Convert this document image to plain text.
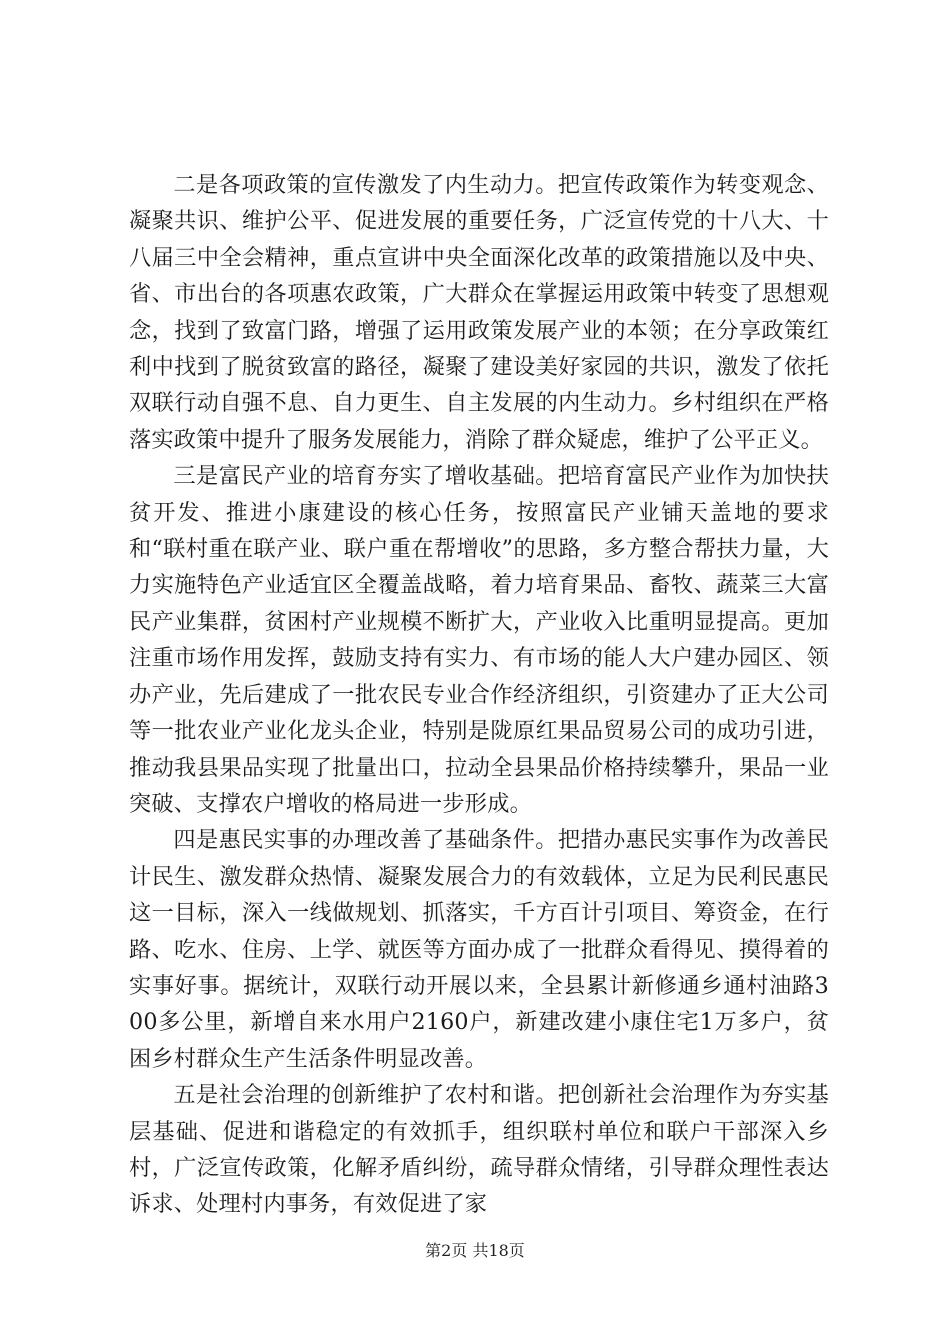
二是各项政策的宣传激发了内生动力。把宣传政策作为转变观念、凝聚共识、维护公平、促进发展的重要任务，广泛宣传党的十八大、十八届三中全会精神，重点宣讲中央全面深化改革的政策措施以及中央、省、市出台的各项惠农政策，广大群众在掌握运用政策中转变了思想观念，找到了致富门路，增强了运用政策发展产业的本领；在分享政策红利中找到了脱贫致富的路径，凝聚了建设美好家园的共识，激发了依托双联行动自强不息、自力更生、自主发展的内生动力。乡村组织在严格落实政策中提升了服务发展能力，消除了群众疑虑，维护了公平正义。

三是富民产业的培育夯实了增收基础。把培育富民产业作为加快扶贫开发、推进小康建设的核心任务，按照富民产业铺天盖地的要求和“联村重在联产业、联户重在帮增收”的思路，多方整合帮扶力量，大力实施特色产业适宜区全覆盖战略，着力培育果品、畜牧、蔬菜三大富民产业集群，贫困村产业规模不断扩大，产业收入比重明显提高。更加注重市场作用发挥，鼓励支持有实力、有市场的能人大户建办园区、领办产业，先后建成了一批农民专业合作经济组织，引资建办了正大公司等一批农业产业化龙头企业，特别是陇原红果品贸易公司的成功引进，推动我县果品实现了批量出口，拉动全县果品价格持续攀升，果品一业突破、支撑农户增收的格局进一步形成。

四是惠民实事的办理改善了基础条件。把措办惠民实事作为改善民计民生、激发群众热情、凝聚发展合力的有效载体，立足为民利民惠民这一目标，深入一线做规划、抓落实，千方百计引项目、筹资金，在行路、吃水、住房、上学、就医等方面办成了一批群众看得见、摸得着的实事好事。据统计，双联行动开展以来，全县累计新修通乡通村油路300多公里，新增自来水用户2160户，新建改建小康住宅1万多户，贫困乡村群众生产生活条件明显改善。

五是社会治理的创新维护了农村和谐。把创新社会治理作为夯实基层基础、促进和谐稳定的有效抓手，组织联村单位和联户干部深入乡村，广泛宣传政策，化解矛盾纠纷，疏导群众情绪，引导群众理性表达诉求、处理村内事务，有效促进了家

第2页 共18页
